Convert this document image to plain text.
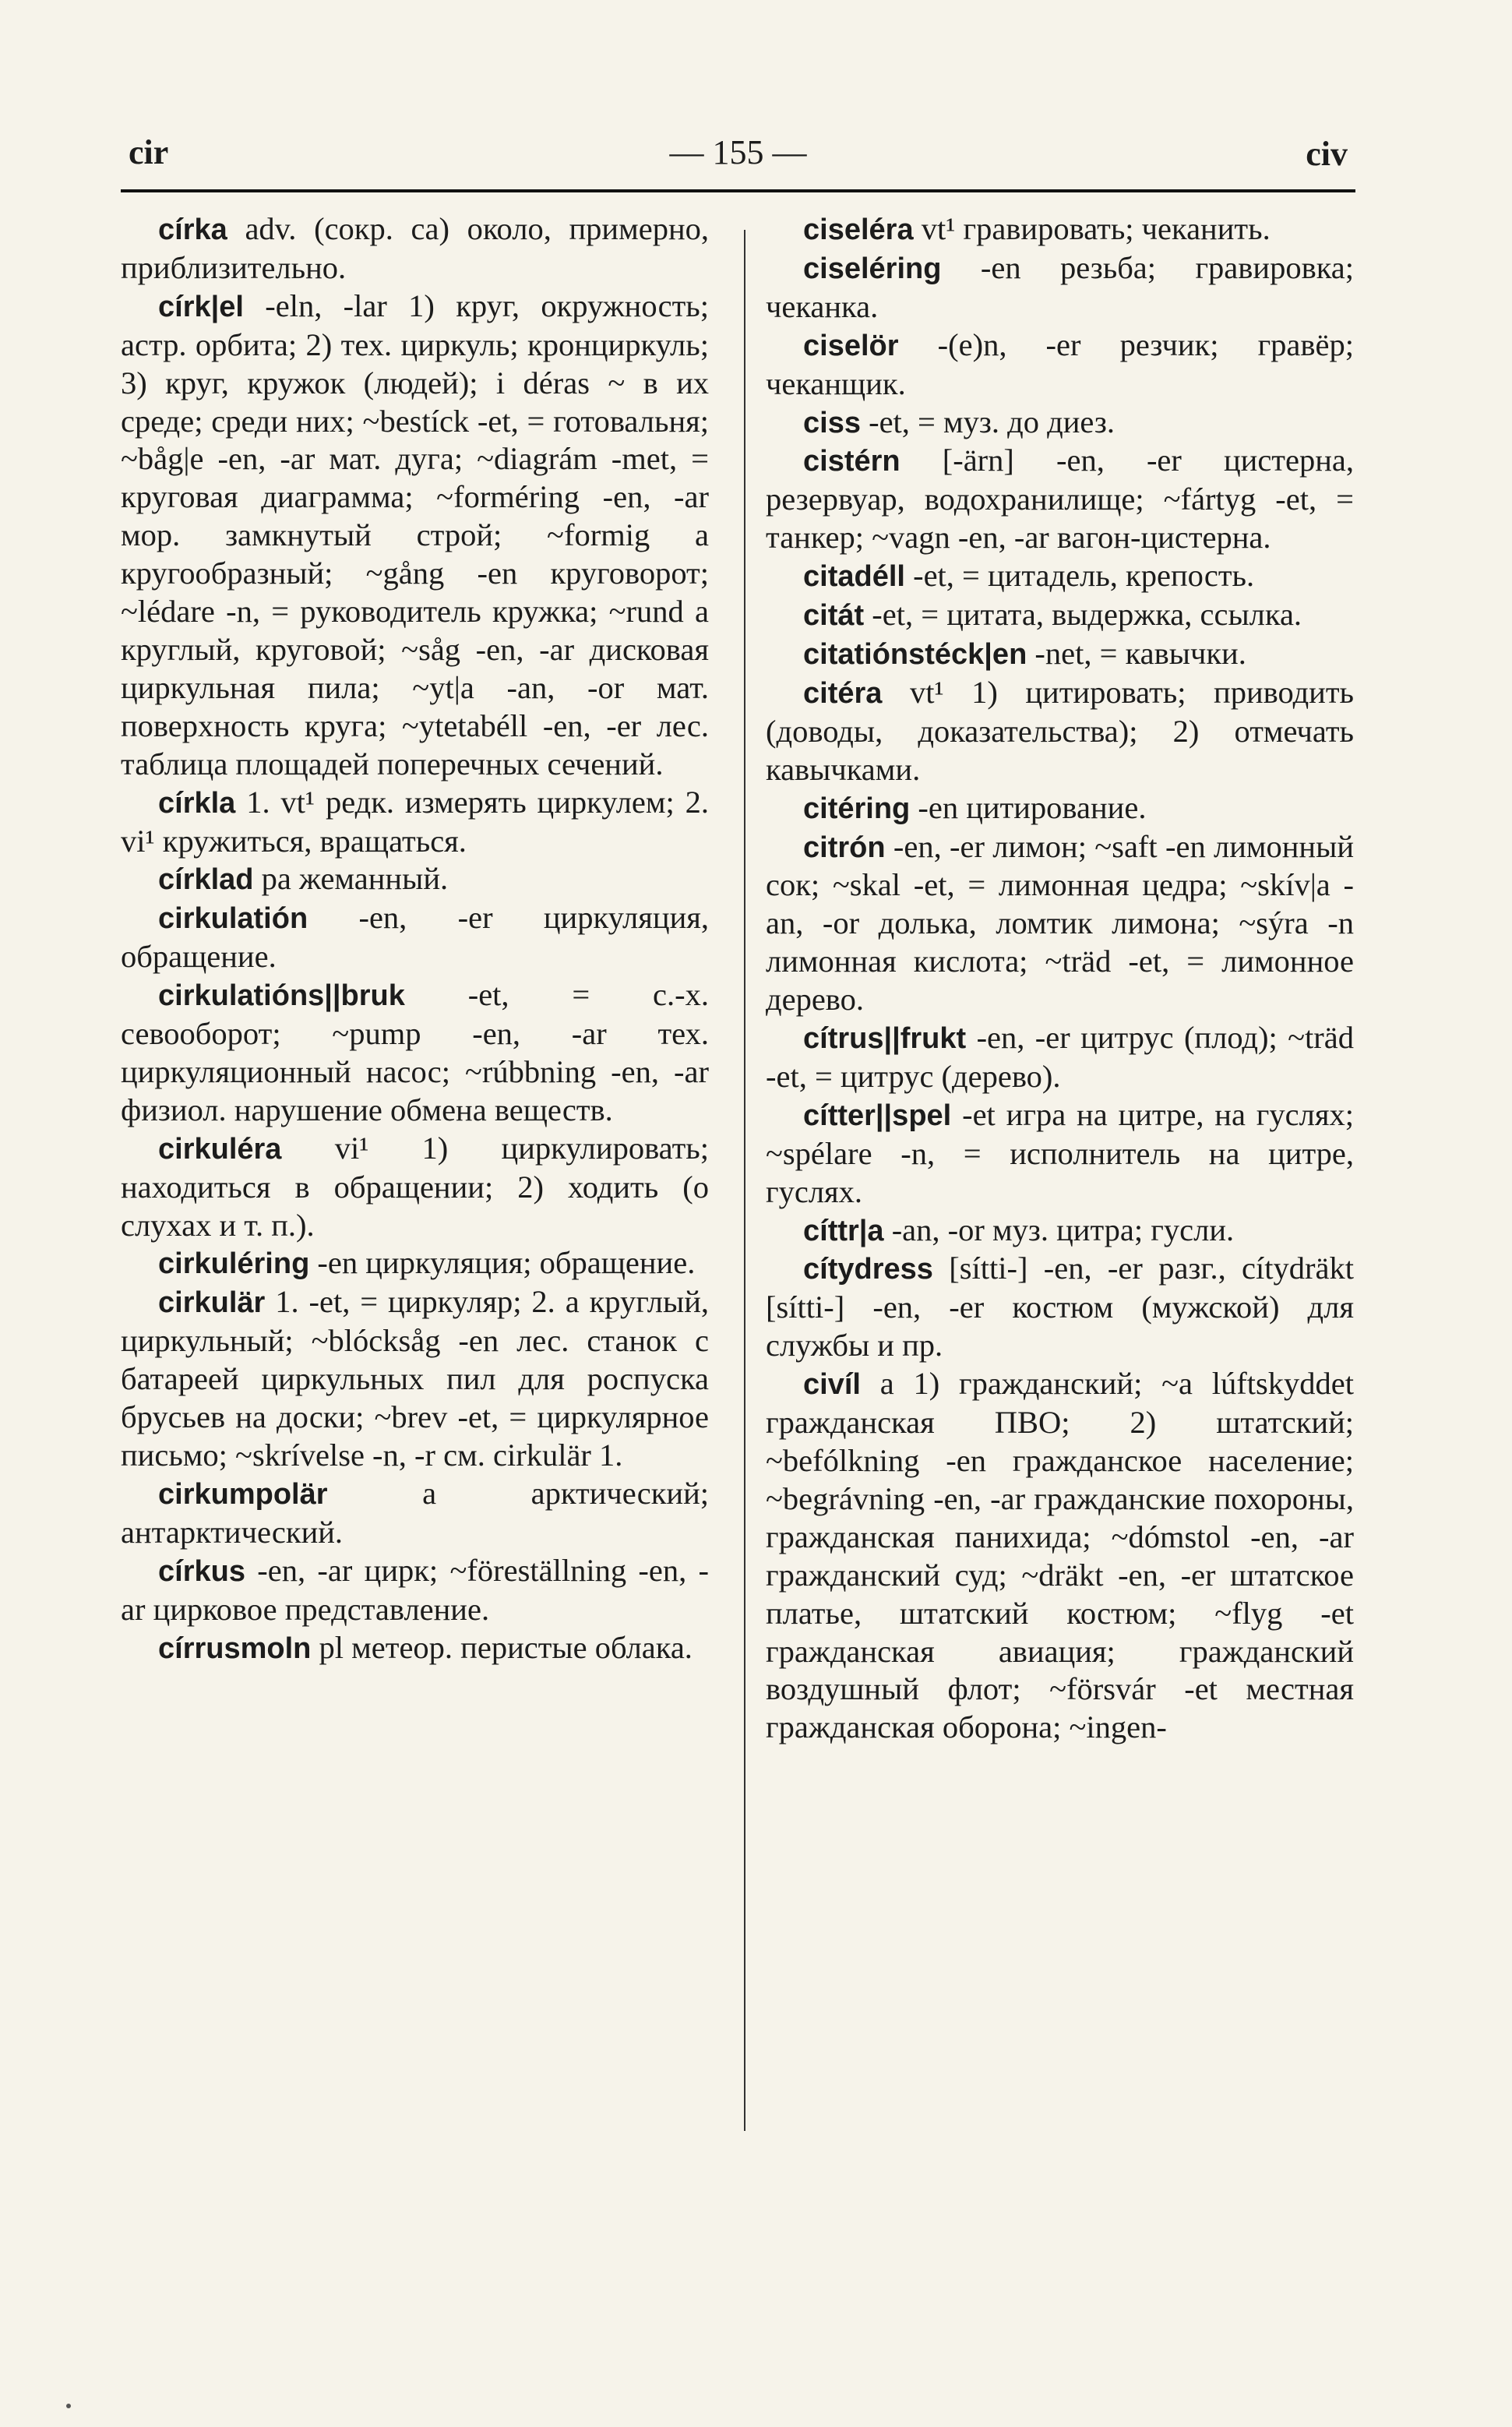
cir	— 155 —	civ

círka adv. (сокр. ca) около, примерно, приблизительно.

círk|el -eln, -lar 1) круг, окружность; астр. орбита; 2) тех. циркуль; кронциркуль; 3) круг, кружок (людей); i déras ~ в их среде; среди них; ~bestíck -et, = готовальня; ~båg|e -en, -ar мат. дуга; ~diagrám -met, = круговая диаграмма; ~forméring -en, -ar мор. замкнутый строй; ~formig a кругообразный; ~gång -en круговорот; ~lédare -n, = руководитель кружка; ~rund a круглый, круговой; ~såg -en, -ar дисковая циркульная пила; ~yt|a -an, -or мат. поверхность круга; ~ytetabéll -en, -er лес. таблица площадей поперечных сечений.

církla 1. vt¹ редк. измерять циркулем; 2. vi¹ кружиться, вращаться.

círklad pa жеманный.

cirkulatión -en, -er циркуляция, обращение.

cirkulatións||bruk -et, = с.-х. севооборот; ~pump -en, -ar тех. циркуляционный насос; ~rúbbning -en, -ar физиол. нарушение обмена веществ.

cirkuléra vi¹ 1) циркулировать; находиться в обращении; 2) ходить (о слухах и т. п.).

cirkuléring -en циркуляция; обращение.

cirkulär 1. -et, = циркуляр; 2. a круглый, циркульный; ~blócksåg -en лес. станок с батареей циркульных пил для роспуска брусьев на доски; ~brev -et, = циркулярное письмо; ~skrívelse -n, -r см. cirkulär 1.

cirkumpolär	a арктический; антарктический.

církus -en, -ar цирк; ~föreställning -en, -ar цирковое представление.

círrusmoln pl метеор. перистые облака.

ciseléra vt¹ гравировать; чеканить.

ciseléring -en резьба; гравировка; чеканка.

ciselör -(e)n, -er резчик; гравёр; чеканщик.

ciss -et, = муз. до диез.

cistérn [-ärn] -en, -er цистерна, резервуар, водохранилище; ~fártyg -et, = танкер; ~vagn -en, -ar вагон-цистерна.

citadéll -et, = цитадель, крепость.

citát -et, = цитата, выдержка, ссылка.

citatiónstéck|en -net, = кавычки.

citéra vt¹ 1) цитировать; приводить (доводы, доказательства); 2) отмечать кавычками.

citéring -en цитирование.

citrón -en, -er лимон; ~saft -en лимонный сок; ~skal -et, = лимонная цедра; ~skív|a -an, -or долька, ломтик лимона; ~sýra -n лимонная кислота; ~träd -et, = лимонное дерево.

cítrus||frukt -en, -er цитрус (плод); ~träd -et, = цитрус (дерево).

cítter||spel -et игра на цитре, на гуслях; ~spélare -n, = исполнитель на цитре, гуслях.

cíttr|a -an, -or муз. цитра; гусли.

cítydress [sítti-] -en, -er разг., cítydräkt [sítti-] -en, -er костюм (мужской) для службы и пр.

civíl a 1) гражданский; ~a lúftskyddet гражданская ПВО; 2) штатский; ~befólkning -en гражданское население; ~begrávning -en, -ar гражданские похороны, гражданская панихида; ~dómstol -en, -ar гражданский суд; ~dräkt -en, -er штатское платье, штатский костюм; ~flyg -et гражданская авиация; гражданский воздушный флот; ~försvár -et местная гражданская оборона; ~ingen-
